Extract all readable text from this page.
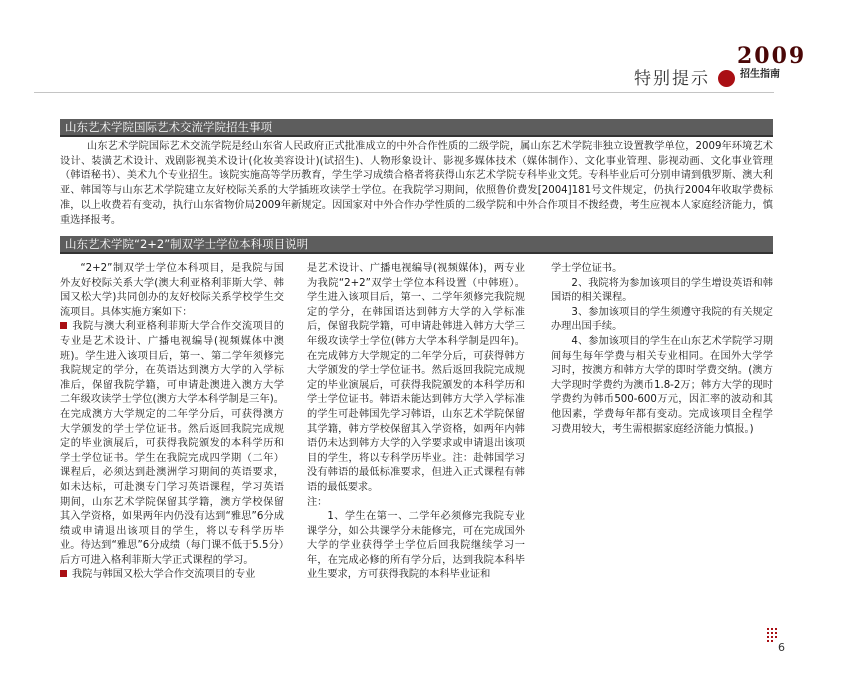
2009
招生指南
特别提示
山东艺术学院国际艺术交流学院招生事项

山东艺术学院国际艺术交流学院是经山东省人民政府正式批准成立的中外合作性质的二级学院，属山东艺术学院非独立设置教学单位，2009年环境艺术设计、装潢艺术设计、戏剧影视美术设计(化妆美容设计)(试招生)、人物形象设计、影视多媒体技术（媒体制作）、文化事业管理、影视动画、文化事业管理（韩语秘书）、美术九个专业招生。该院实施高等学历教育，学生学习成绩合格者将获得山东艺术学院专科毕业文凭。专科毕业后可分别申请到俄罗斯、澳大利亚、韩国等与山东艺术学院建立友好校际关系的大学插班攻读学士学位。在我院学习期间，依照鲁价费发[2004]181号文件规定，仍执行2004年收取学费标准，以上收费若有变动，执行山东省物价局2009年新规定。因国家对中外合作办学性质的二级学院和中外合作项目不拨经费，考生应视本人家庭经济能力，慎重选择报考。

山东艺术学院“2+2”制双学士学位本科项目说明

“2+2”制双学士学位本科项目，是我院与国外友好校际关系大学(澳大利亚格利菲斯大学、韩国又松大学)共同创办的友好校际关系学校学生交流项目。具体实施方案如下：

我院与澳大利亚格利菲斯大学合作交流项目的专业是艺术设计、广播电视编导(视频媒体中澳班)。学生进入该项目后，第一、第二学年须修完我院规定的学分，在英语达到澳方大学的入学标准后，保留我院学籍，可申请赴澳进入澳方大学二年级攻读学士学位(澳方大学本科学制是三年)。在完成澳方大学规定的二年学分后，可获得澳方大学颁发的学士学位证书。然后返回我院完成规定的毕业演展后，可获得我院颁发的本科学历和学士学位证书。学生在我院完成四学期（二年）课程后，必须达到赴澳洲学习期间的英语要求，如未达标，可赴澳专门学习英语课程，学习英语期间，山东艺术学院保留其学籍，澳方学校保留其入学资格，如果两年内仍没有达到“雅思”6分成绩或申请退出该项目的学生，将以专科学历毕业。待达到“雅思”6分成绩（每门课不低于5.5分）后方可进入格利菲斯大学正式课程的学习。

我院与韩国又松大学合作交流项目的专业

是艺术设计、广播电视编导(视频媒体)，两专业为我院“2+2”双学士学位本科设置（中韩班）。学生进入该项目后，第一、二学年须修完我院规定的学分，在韩国语达到韩方大学的入学标准后，保留我院学籍，可申请赴韩进入韩方大学三年级攻读学士学位(韩方大学本科学制是四年)。在完成韩方大学规定的二年学分后，可获得韩方大学颁发的学士学位证书。然后返回我院完成规定的毕业演展后，可获得我院颁发的本科学历和学士学位证书。韩语未能达到韩方大学入学标准的学生可赴韩国先学习韩语，山东艺术学院保留其学籍，韩方学校保留其入学资格，如两年内韩语仍未达到韩方大学的入学要求或申请退出该项目的学生，将以专科学历毕业。注：赴韩国学习没有韩语的最低标准要求，但进入正式课程有韩语的最低要求。

注：

1、学生在第一、二学年必须修完我院专业课学分，如公共课学分未能修完，可在完成国外大学的学业获得学士学位后回我院继续学习一年，在完成必修的所有学分后，达到我院本科毕业生要求，方可获得我院的本科毕业证和

学士学位证书。

2、我院将为参加该项目的学生增设英语和韩国语的相关课程。

3、参加该项目的学生须遵守我院的有关规定办理出国手续。

4、参加该项目的学生在山东艺术学院学习期间每生每年学费与相关专业相同。在国外大学学习时，按澳方和韩方大学的即时学费交纳。(澳方大学现时学费约为澳币1.8-2万；韩方大学的现时学费约为韩币500-600万元，因汇率的波动和其他因素，学费每年都有变动。完成该项目全程学习费用较大，考生需根据家庭经济能力慎报。)

6
